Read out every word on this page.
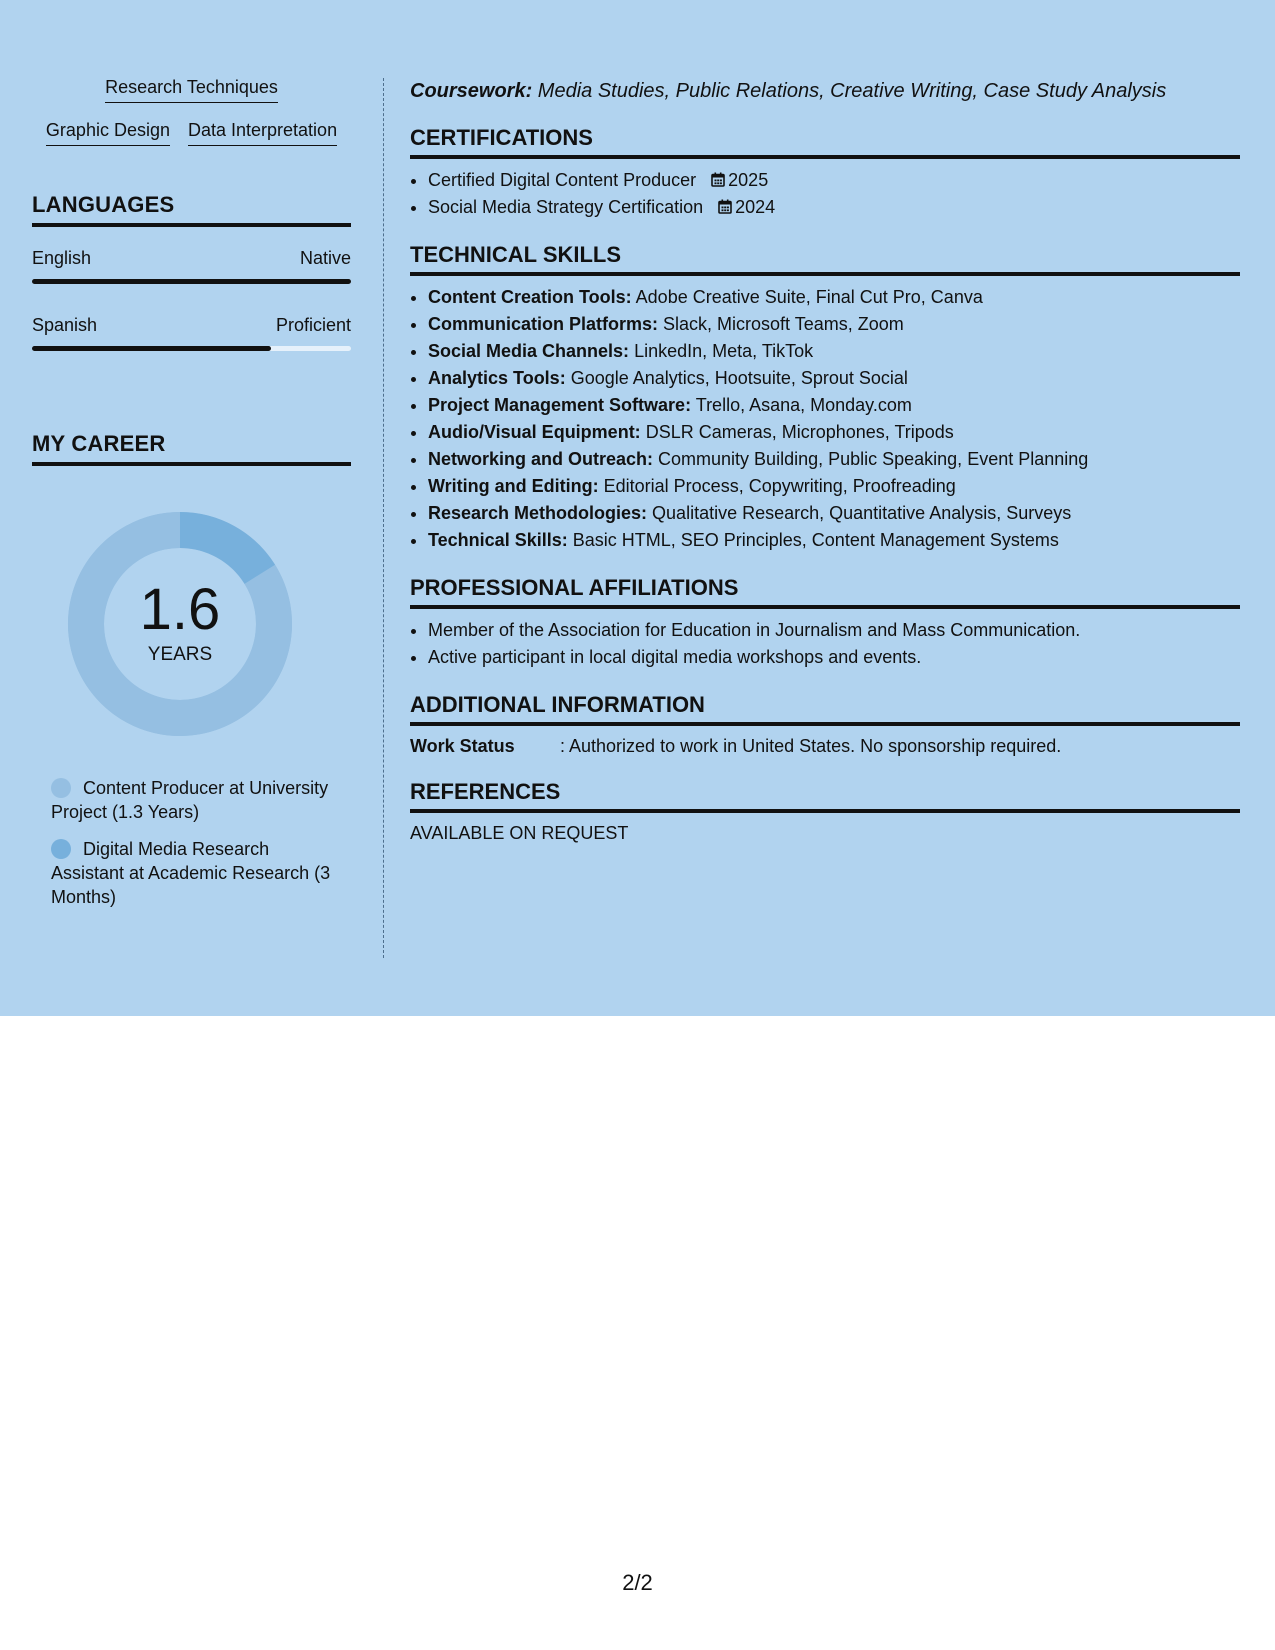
Research Techniques
Graphic Design Data Interpretation
LANGUAGES
English	Native
Spanish	Proficient
MY CAREER
1.6
YEARS
Content Producer at University Project (1.3 Years)
Digital Media Research Assistant at Academic Research (3 Months)
Coursework: Media Studies, Public Relations, Creative Writing, Case Study Analysis
CERTIFICATIONS
• Certified Digital Content Producer 2025
• Social Media Strategy Certification 2024
TECHNICAL SKILLS
• Content Creation Tools: Adobe Creative Suite, Final Cut Pro, Canva
• Communication Platforms: Slack, Microsoft Teams, Zoom
• Social Media Channels: LinkedIn, Meta, TikTok
• Analytics Tools: Google Analytics, Hootsuite, Sprout Social
• Project Management Software: Trello, Asana, Monday.com
• Audio/Visual Equipment: DSLR Cameras, Microphones, Tripods
• Networking and Outreach: Community Building, Public Speaking, Event Planning
• Writing and Editing: Editorial Process, Copywriting, Proofreading
• Research Methodologies: Qualitative Research, Quantitative Analysis, Surveys
• Technical Skills: Basic HTML, SEO Principles, Content Management Systems
PROFESSIONAL AFFILIATIONS
• Member of the Association for Education in Journalism and Mass Communication.
• Active participant in local digital media workshops and events.
ADDITIONAL INFORMATION
Work Status	: Authorized to work in United States. No sponsorship required.
REFERENCES
AVAILABLE ON REQUEST
2/2
